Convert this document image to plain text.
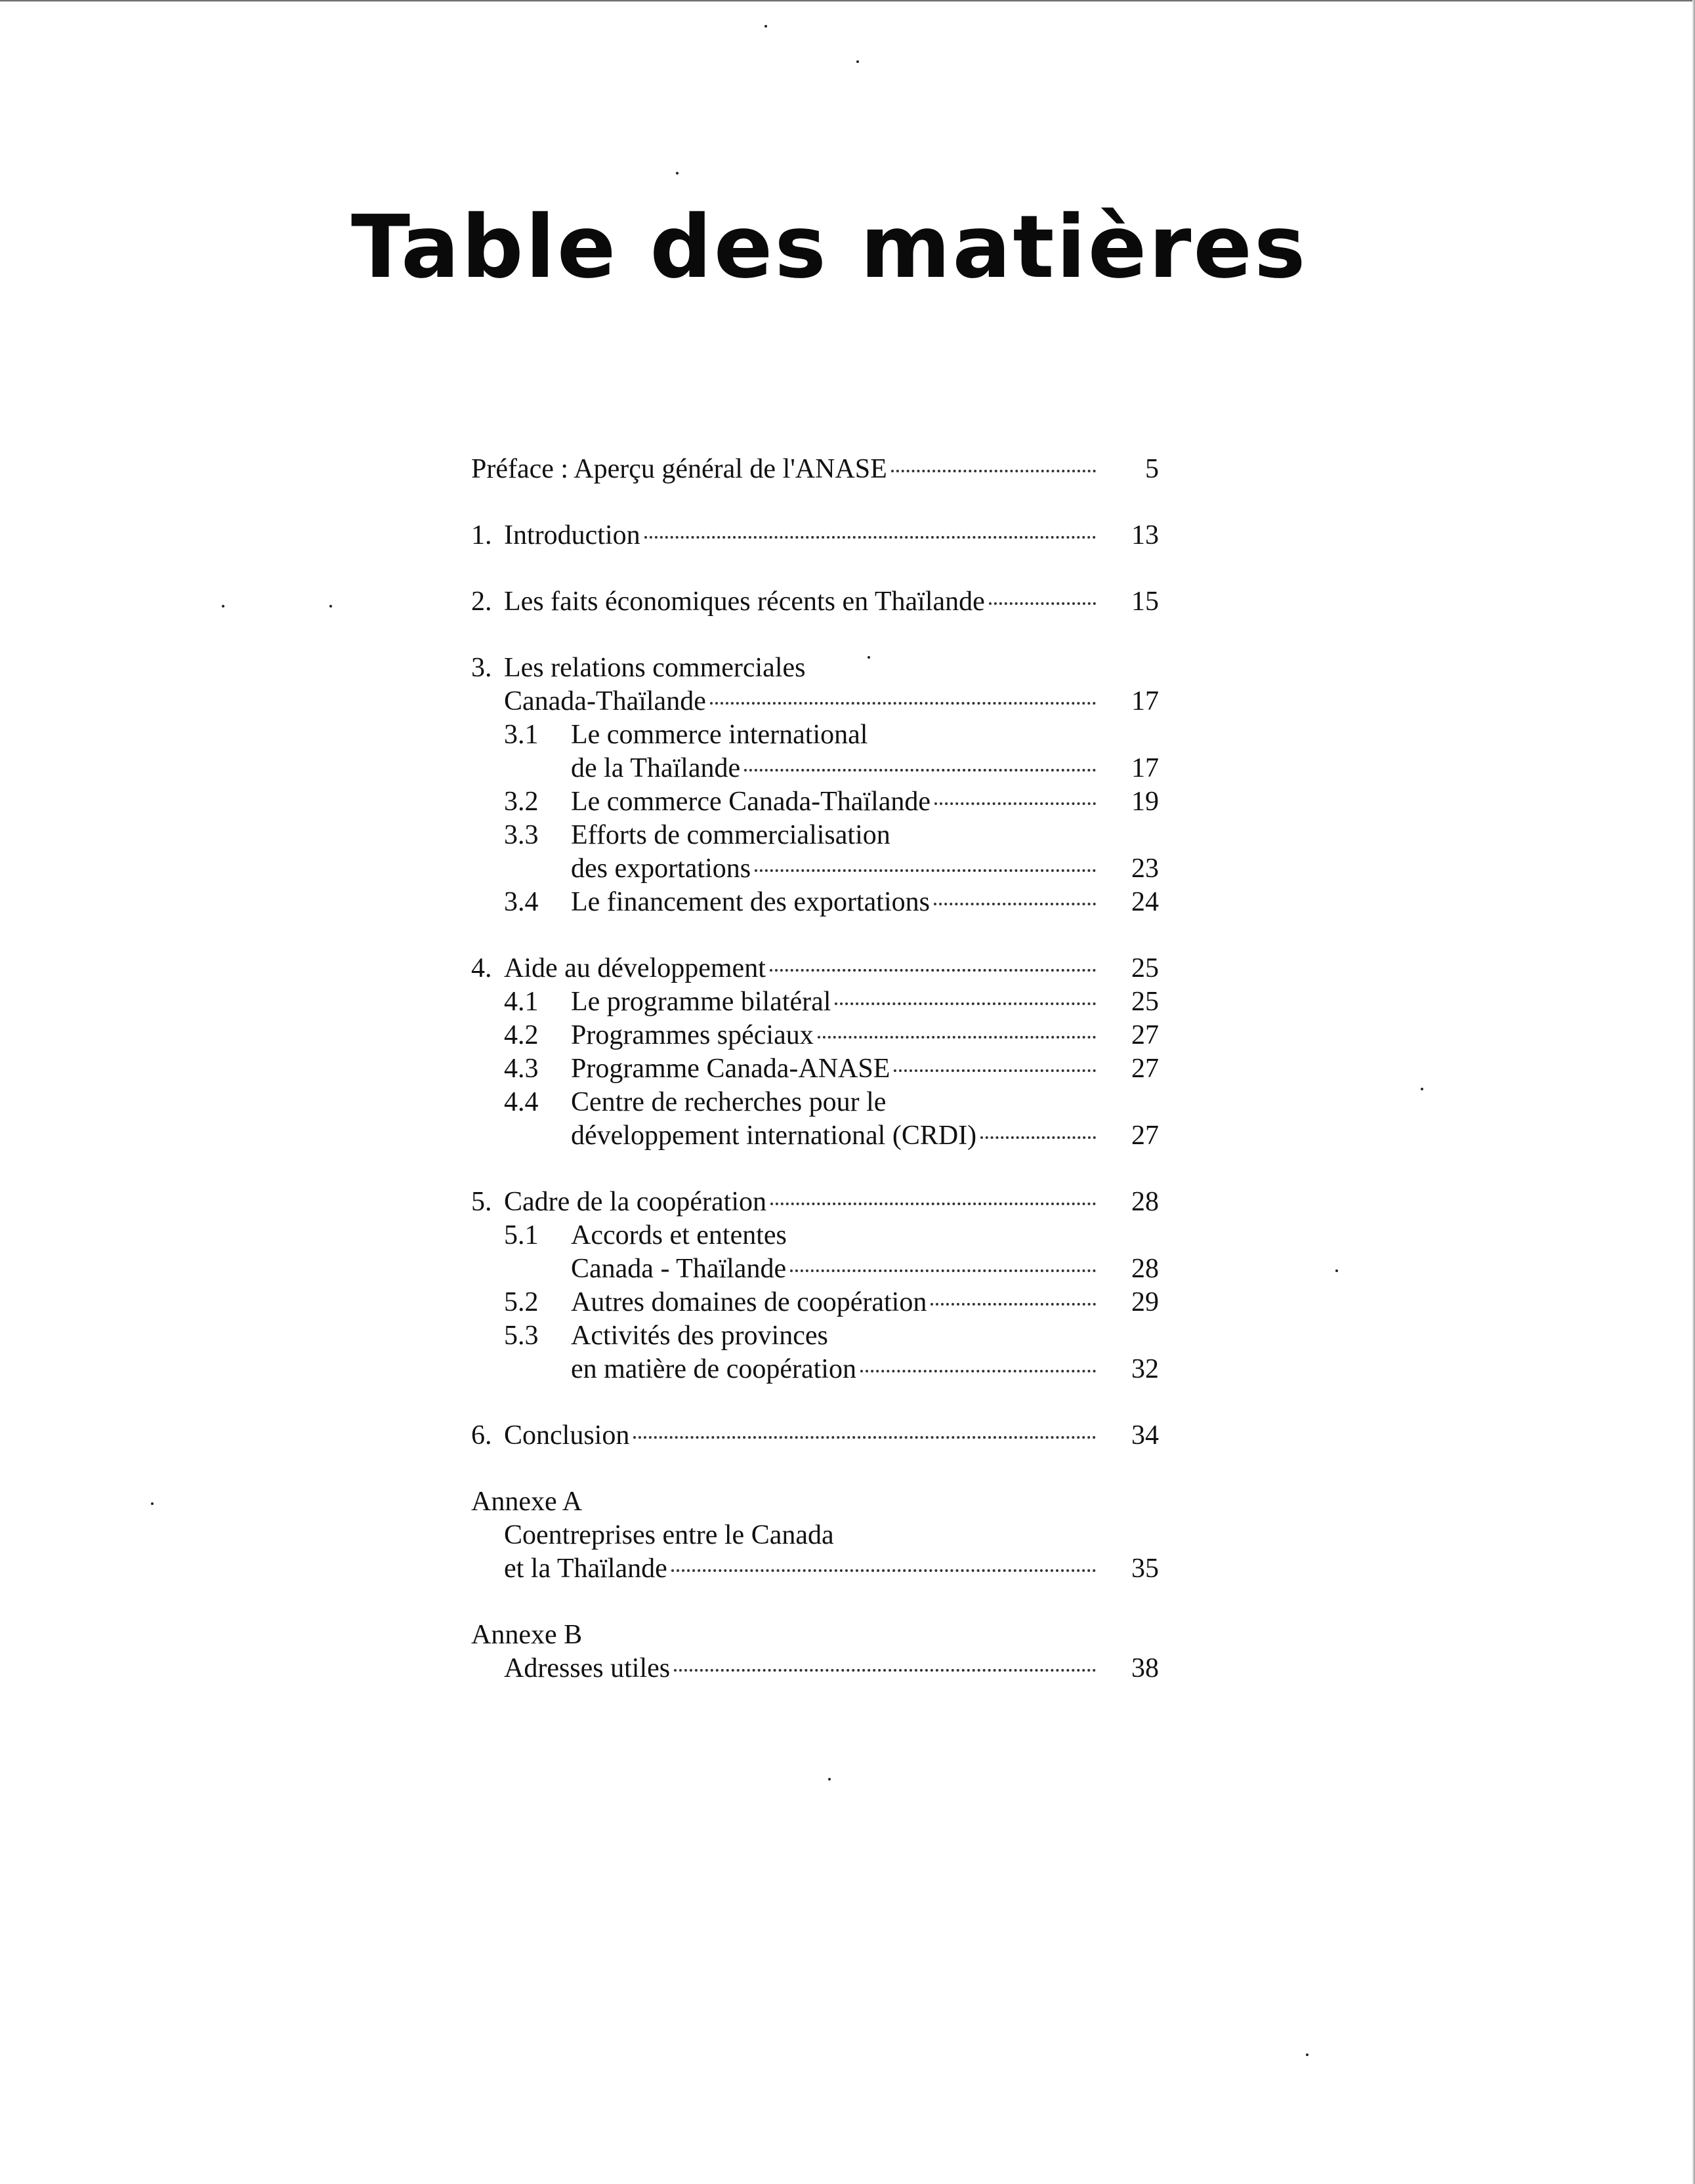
Table des matières
Préface : Aperçu général de l'ANASE	5
1. Introduction	13
2. Les faits économiques récents en Thaïlande	15
3. Les relations commerciales
Canada-Thaïlande	17
3.1	Le commerce international
de la Thaïlande	17
3.2	Le commerce Canada-Thaïlande	19
3.3	Efforts de commercialisation
des exportations	23
3.4	Le financement des exportations	24
4. Aide au développement	25
4.1	Le programme bilatéral	25
4.2	Programmes spéciaux	27
4.3	Programme Canada-ANASE	27
4.4	Centre de recherches pour le
développement international (CRDI)	27
5. Cadre de la coopération	28
5.1	Accords et ententes
Canada - Thaïlande	28
5.2	Autres domaines de coopération	29
5.3	Activités des provinces
en matière de coopération	32
6. Conclusion	34
Annexe A
Coentreprises entre le Canada
et la Thaïlande	35
Annexe B
Adresses utiles	38
